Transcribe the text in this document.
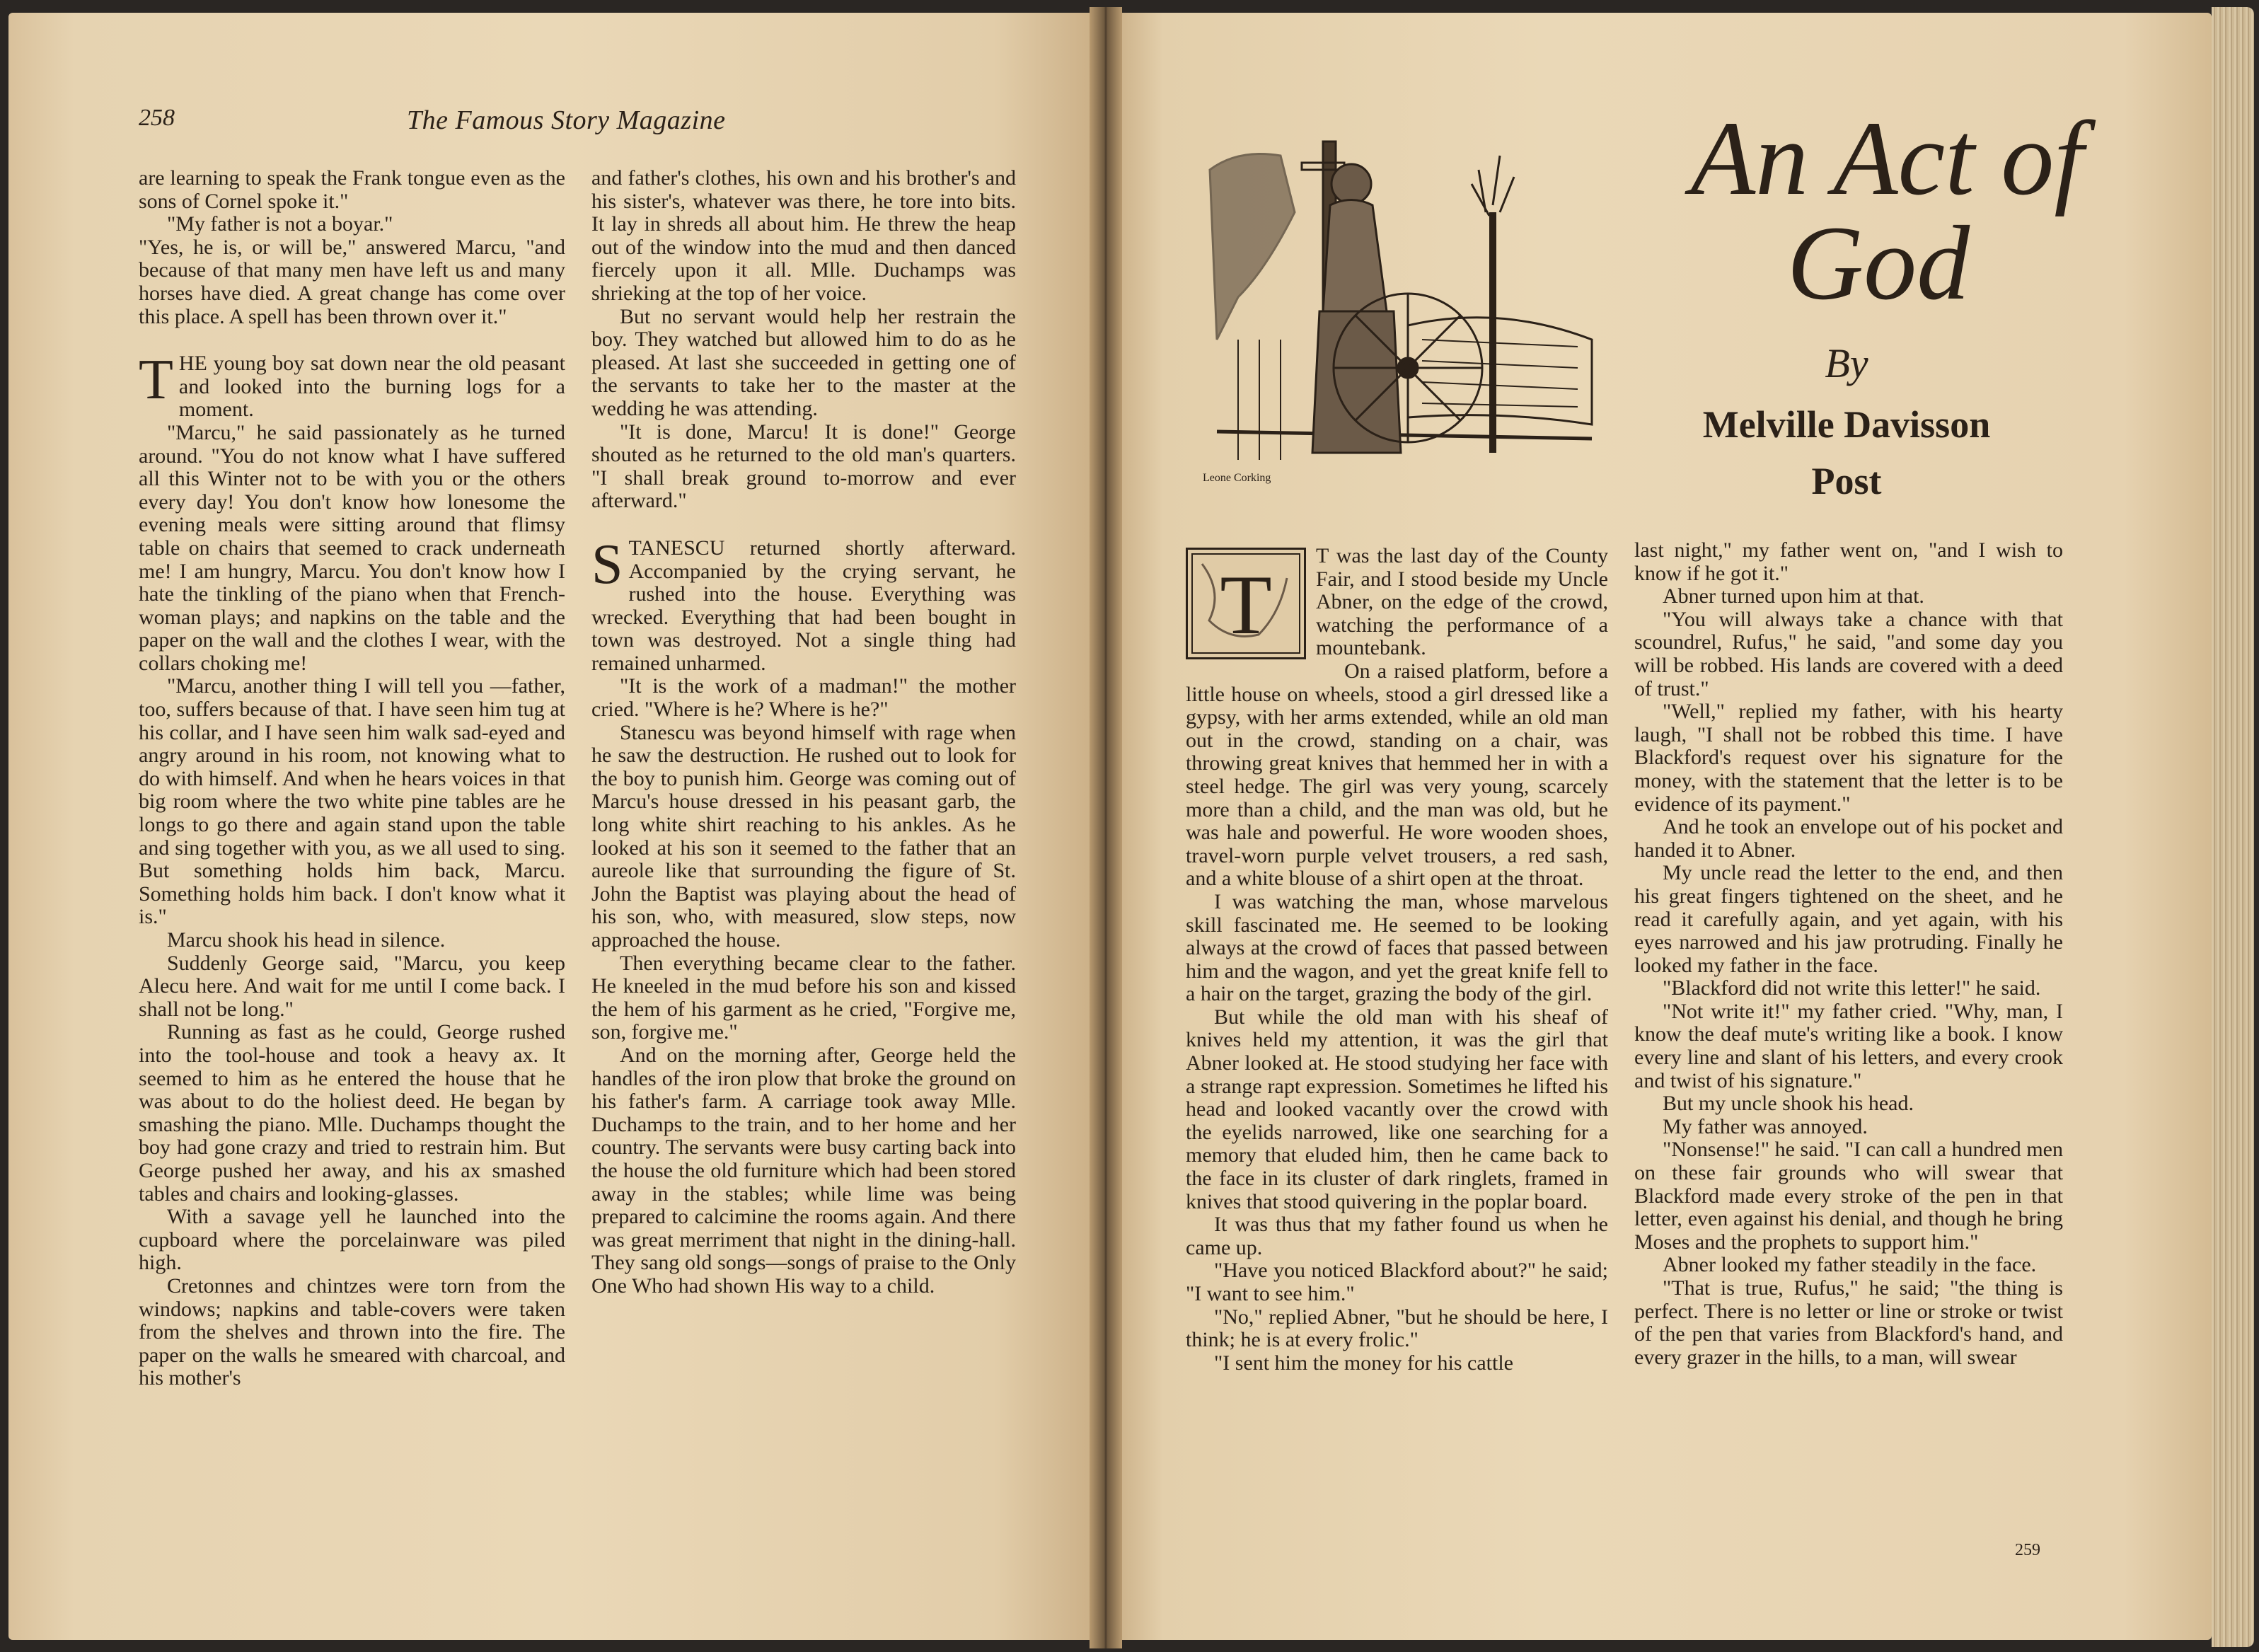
258	The Famous Story Magazine

are learning to speak the Frank tongue even as the sons of Cornel spoke it."

"My father is not a boyar."

"Yes, he is, or will be," answered Marcu, "and because of that many men have left us and many horses have died. A great change has come over this place. A spell has been thrown over it."

THE young boy sat down near the old peasant and looked into the burning logs for a moment.

"Marcu," he said passionately as he turned around. "You do not know what I have suffered all this Winter not to be with you or the others every day! You don't know how lonesome the evening meals were sitting around that flimsy table on chairs that seemed to crack underneath me! I am hungry, Marcu. You don't know how I hate the tinkling of the piano when that French-woman plays; and napkins on the table and the paper on the wall and the clothes I wear, with the collars choking me!

"Marcu, another thing I will tell you —father, too, suffers because of that. I have seen him tug at his collar, and I have seen him walk sad-eyed and angry around in his room, not knowing what to do with himself. And when he hears voices in that big room where the two white pine tables are he longs to go there and again stand upon the table and sing together with you, as we all used to sing. But something holds him back, Marcu. Something holds him back. I don't know what it is."

Marcu shook his head in silence.

Suddenly George said, "Marcu, you keep Alecu here. And wait for me until I come back. I shall not be long."

Running as fast as he could, George rushed into the tool-house and took a heavy ax. It seemed to him as he entered the house that he was about to do the holiest deed. He began by smashing the piano. Mlle. Duchamps thought the boy had gone crazy and tried to restrain him. But George pushed her away, and his ax smashed tables and chairs and looking-glasses.

With a savage yell he launched into the cupboard where the porcelainware was piled high.

Cretonnes and chintzes were torn from the windows; napkins and table-covers were taken from the shelves and thrown into the fire. The paper on the walls he smeared with charcoal, and his mother's

and father's clothes, his own and his brother's and his sister's, whatever was there, he tore into bits. It lay in shreds all about him. He threw the heap out of the window into the mud and then danced fiercely upon it all. Mlle. Duchamps was shrieking at the top of her voice.

But no servant would help her restrain the boy. They watched but allowed him to do as he pleased. At last she succeeded in getting one of the servants to take her to the master at the wedding he was attending.

"It is done, Marcu! It is done!" George shouted as he returned to the old man's quarters. "I shall break ground to-morrow and ever afterward."

STANESCU returned shortly afterward. Accompanied by the crying servant, he rushed into the house. Everything was wrecked. Everything that had been bought in town was destroyed. Not a single thing had remained unharmed.

"It is the work of a madman!" the mother cried. "Where is he? Where is he?"

Stanescu was beyond himself with rage when he saw the destruction. He rushed out to look for the boy to punish him. George was coming out of Marcu's house dressed in his peasant garb, the long white shirt reaching to his ankles. As he looked at his son it seemed to the father that an aureole like that surrounding the figure of St. John the Baptist was playing about the head of his son, who, with measured, slow steps, now approached the house.

Then everything became clear to the father. He kneeled in the mud before his son and kissed the hem of his garment as he cried, "Forgive me, son, forgive me."

And on the morning after, George held the handles of the iron plow that broke the ground on his father's farm. A carriage took away Mlle. Duchamps to the train, and to her home and her country. The servants were busy carting back into the house the old furniture which had been stored away in the stables; while lime was being prepared to calcimine the rooms again. And there was great merriment that night in the dining-hall. They sang old songs—songs of praise to the Only One Who had shown His way to a child.

Leone Corking
An Act of
God
By
Melville Davisson
Post

T
T was the last day of the County Fair, and I stood beside my Uncle Abner, on the edge of the crowd, watching the performance of a mountebank.

On a raised platform, before a little house on wheels, stood a girl dressed like a gypsy, with her arms extended, while an old man out in the crowd, standing on a chair, was throwing great knives that hemmed her in with a steel hedge. The girl was very young, scarcely more than a child, and the man was old, but he was hale and powerful. He wore wooden shoes, travel-worn purple velvet trousers, a red sash, and a white blouse of a shirt open at the throat.

I was watching the man, whose marvelous skill fascinated me. He seemed to be looking always at the crowd of faces that passed between him and the wagon, and yet the great knife fell to a hair on the target, grazing the body of the girl.

But while the old man with his sheaf of knives held my attention, it was the girl that Abner looked at. He stood studying her face with a strange rapt expression. Sometimes he lifted his head and looked vacantly over the crowd with the eyelids narrowed, like one searching for a memory that eluded him, then he came back to the face in its cluster of dark ringlets, framed in knives that stood quivering in the poplar board.

It was thus that my father found us when he came up.

"Have you noticed Blackford about?" he said; "I want to see him."

"No," replied Abner, "but he should be here, I think; he is at every frolic."

"I sent him the money for his cattle

last night," my father went on, "and I wish to know if he got it."

Abner turned upon him at that.

"You will always take a chance with that scoundrel, Rufus," he said, "and some day you will be robbed. His lands are covered with a deed of trust."

"Well," replied my father, with his hearty laugh, "I shall not be robbed this time. I have Blackford's request over his signature for the money, with the statement that the letter is to be evidence of its payment."

And he took an envelope out of his pocket and handed it to Abner.

My uncle read the letter to the end, and then his great fingers tightened on the sheet, and he read it carefully again, and yet again, with his eyes narrowed and his jaw protruding. Finally he looked my father in the face.

"Blackford did not write this letter!" he said.

"Not write it!" my father cried. "Why, man, I know the deaf mute's writing like a book. I know every line and slant of his letters, and every crook and twist of his signature."

But my uncle shook his head.

My father was annoyed.

"Nonsense!" he said. "I can call a hundred men on these fair grounds who will swear that Blackford made every stroke of the pen in that letter, even against his denial, and though he bring Moses and the prophets to support him."

Abner looked my father steadily in the face.

"That is true, Rufus," he said; "the thing is perfect. There is no letter or line or stroke or twist of the pen that varies from Blackford's hand, and every grazer in the hills, to a man, will swear

259
